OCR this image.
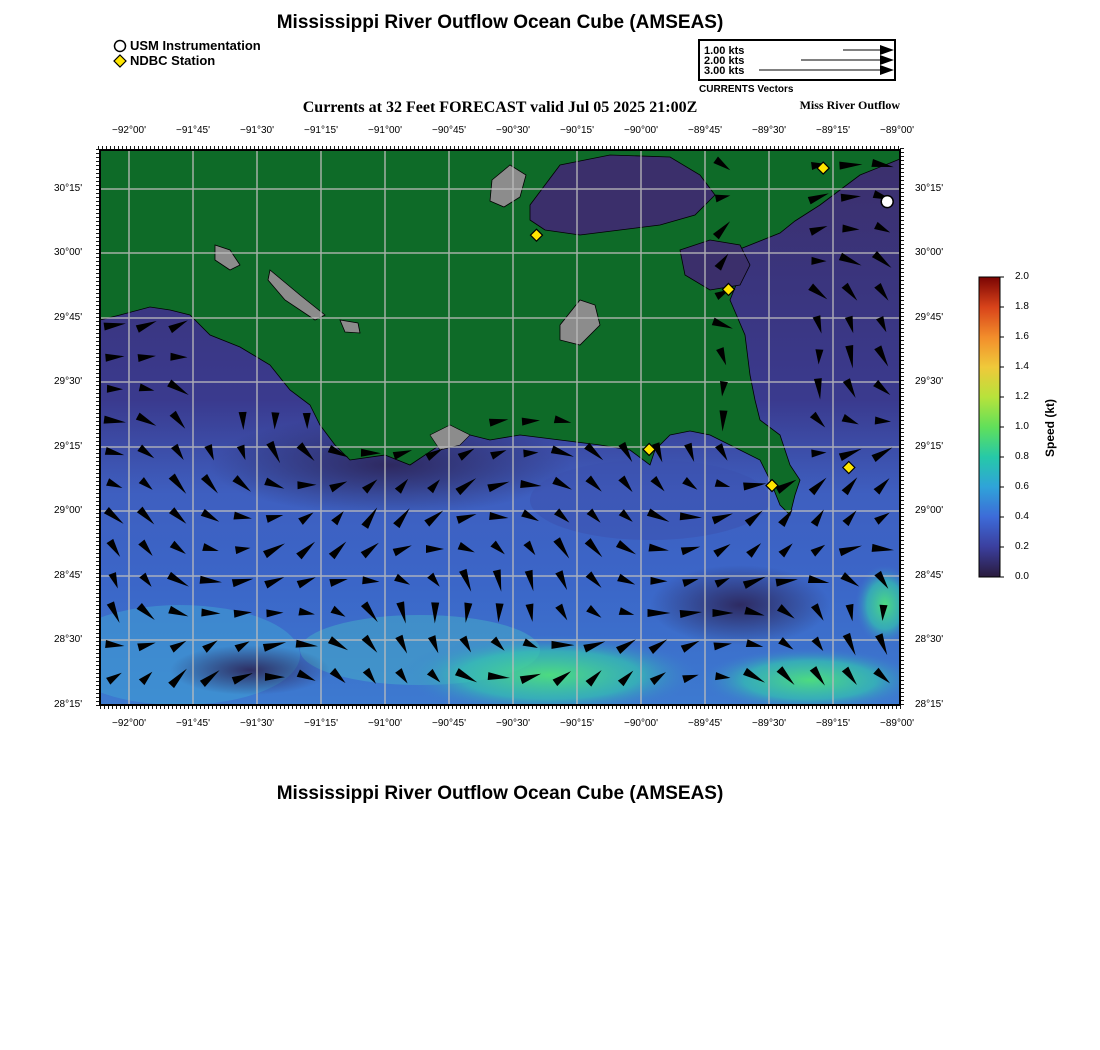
Mississippi River Outflow Ocean Cube (AMSEAS)
USM Instrumentation
NDBC Station
1.00 kts
2.00 kts
3.00 kts
CURRENTS Vectors
Currents at 32 Feet FORECAST valid Jul 05 2025 21:00Z	Miss River Outflow
−92°00'	−91°45'	−91°30'	−91°15'	−91°00'	−90°45'	−90°30'	−90°15'	−90°00'	−89°45'	−89°30'	−89°15'	−89°00'
−92°00'	−91°45'	−91°30'	−91°15'	−91°00'	−90°45'	−90°30'	−90°15'	−90°00'	−89°45'	−89°30'	−89°15'	−89°00'
30°15'
30°00'
29°45'
29°30'
29°15'
29°00'
28°45'
28°30'
28°15'
30°15'
30°00'
29°45'
29°30'
29°15'
29°00'
28°45'
28°30'
28°15'
2.0
1.8
1.6
1.4
1.2
1.0
0.8
0.6
0.4
0.2
0.0
Speed (kt)
Mississippi River Outflow Ocean Cube (AMSEAS)
